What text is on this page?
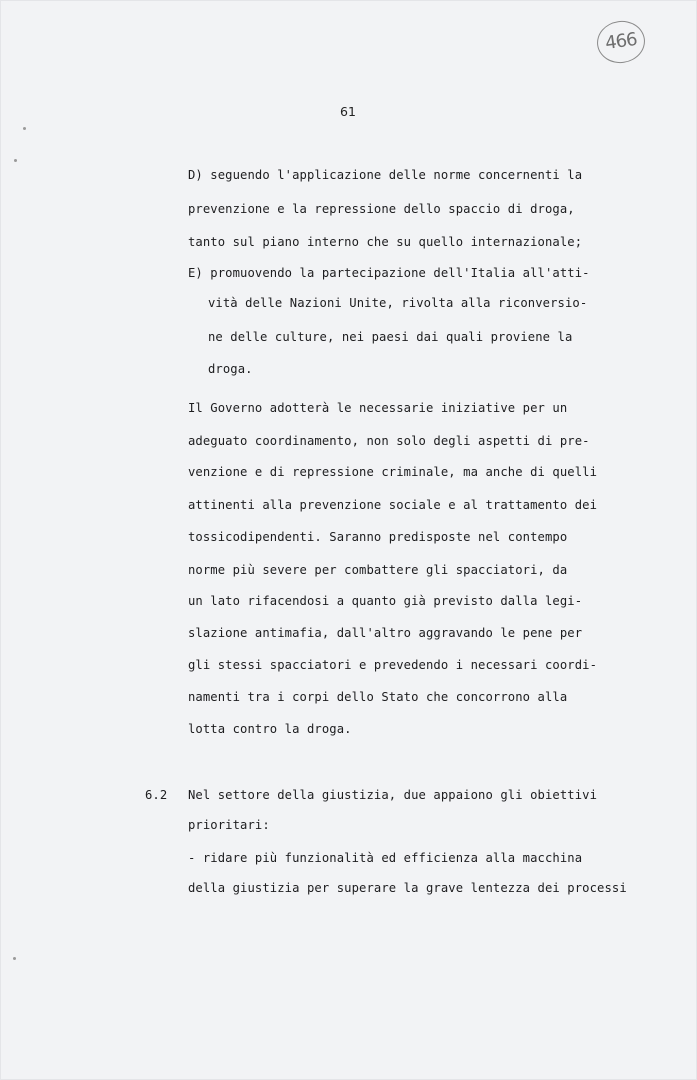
466
61
D) seguendo l'applicazione delle norme concernenti la
prevenzione e la repressione dello spaccio di droga,
tanto sul piano interno che su quello internazionale;
E) promuovendo la partecipazione dell'Italia all'atti-
vità delle Nazioni Unite, rivolta alla riconversio-
ne delle culture, nei paesi dai quali proviene la
droga.
Il Governo adotterà le necessarie iniziative per un
adeguato coordinamento, non solo degli aspetti di pre-
venzione e di repressione criminale, ma anche di quelli
attinenti alla prevenzione sociale e al trattamento dei
tossicodipendenti. Saranno predisposte nel contempo
norme più severe per combattere gli spacciatori, da
un lato rifacendosi a quanto già previsto dalla legi-
slazione antimafia, dall'altro aggravando le pene per
gli stessi spacciatori e prevedendo i necessari coordi-
namenti tra i corpi dello Stato che concorrono alla
lotta contro la droga.
6.2 Nel settore della giustizia, due appaiono gli obiettivi
prioritari:
- ridare più funzionalità ed efficienza alla macchina
della giustizia per superare la grave lentezza dei processi
